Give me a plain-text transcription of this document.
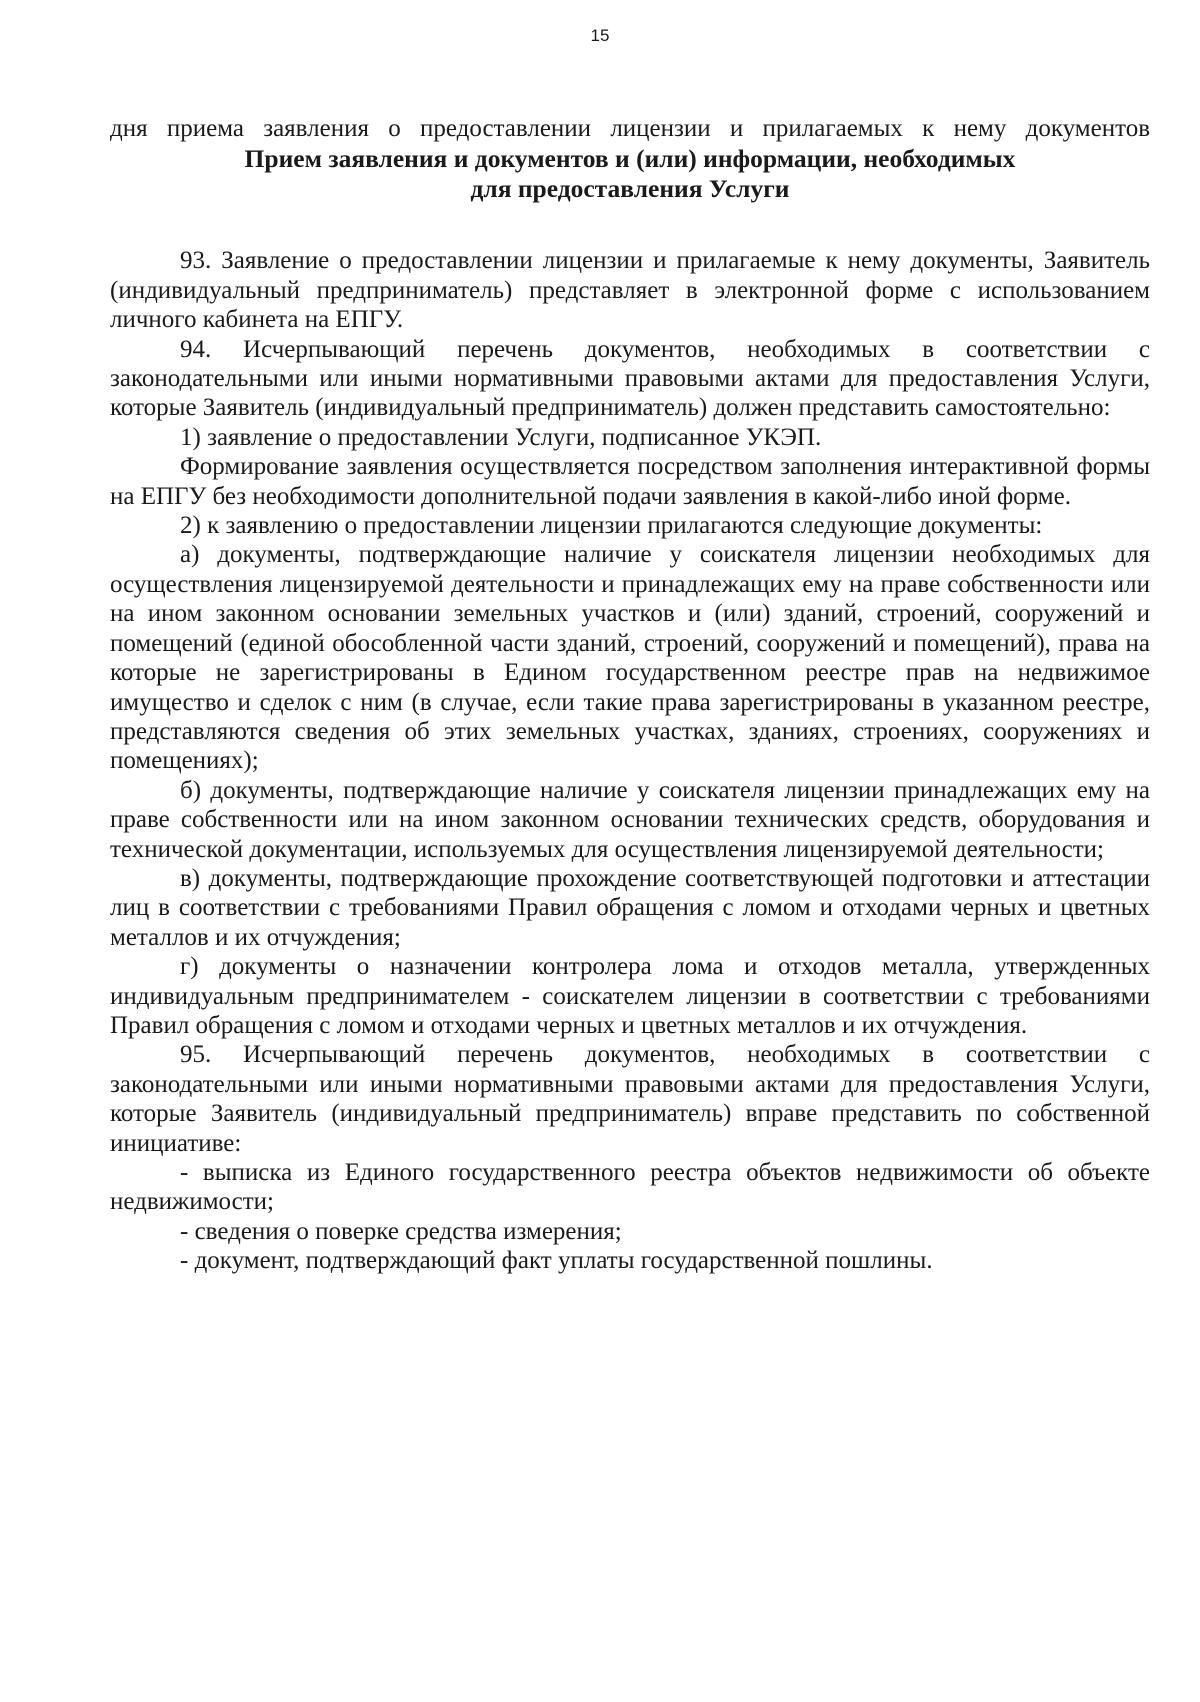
15
дня приема заявления о предоставлении лицензии и прилагаемых к нему документов
Прием заявления и документов и (или) информации, необходимых
для предоставления Услуги

93. Заявление о предоставлении лицензии и прилагаемые к нему документы, Заявитель (индивидуальный предприниматель) представляет в электронной форме с использованием личного кабинета на ЕПГУ.

94. Исчерпывающий перечень документов, необходимых в соответствии с законодательными или иными нормативными правовыми актами для предоставления Услуги, которые Заявитель (индивидуальный предприниматель) должен представить самостоятельно:

1) заявление о предоставлении Услуги, подписанное УКЭП.

Формирование заявления осуществляется посредством заполнения интерактивной формы на ЕПГУ без необходимости дополнительной подачи заявления в какой-либо иной форме.

2) к заявлению о предоставлении лицензии прилагаются следующие документы:

а) документы, подтверждающие наличие у соискателя лицензии необходимых для осуществления лицензируемой деятельности и принадлежащих ему на праве собственности или на ином законном основании земельных участков и (или) зданий, строений, сооружений и помещений (единой обособленной части зданий, строений, сооружений и помещений), права на которые не зарегистрированы в Едином государственном реестре прав на недвижимое имущество и сделок с ним (в случае, если такие права зарегистрированы в указанном реестре, представляются сведения об этих земельных участках, зданиях, строениях, сооружениях и помещениях);

б) документы, подтверждающие наличие у соискателя лицензии принадлежащих ему на праве собственности или на ином законном основании технических средств, оборудования и технической документации, используемых для осуществления лицензируемой деятельности;

в) документы, подтверждающие прохождение соответствующей подготовки и аттестации лиц в соответствии с требованиями Правил обращения с ломом и отходами черных и цветных металлов и их отчуждения;

г) документы о назначении контролера лома и отходов металла, утвержденных индивидуальным предпринимателем - соискателем лицензии в соответствии с требованиями Правил обращения с ломом и отходами черных и цветных металлов и их отчуждения.

95. Исчерпывающий перечень документов, необходимых в соответствии с законодательными или иными нормативными правовыми актами для предоставления Услуги, которые Заявитель (индивидуальный предприниматель) вправе представить по собственной инициативе:

- выписка из Единого государственного реестра объектов недвижимости об объекте недвижимости;

- сведения о поверке средства измерения;

- документ, подтверждающий факт уплаты государственной пошлины.
